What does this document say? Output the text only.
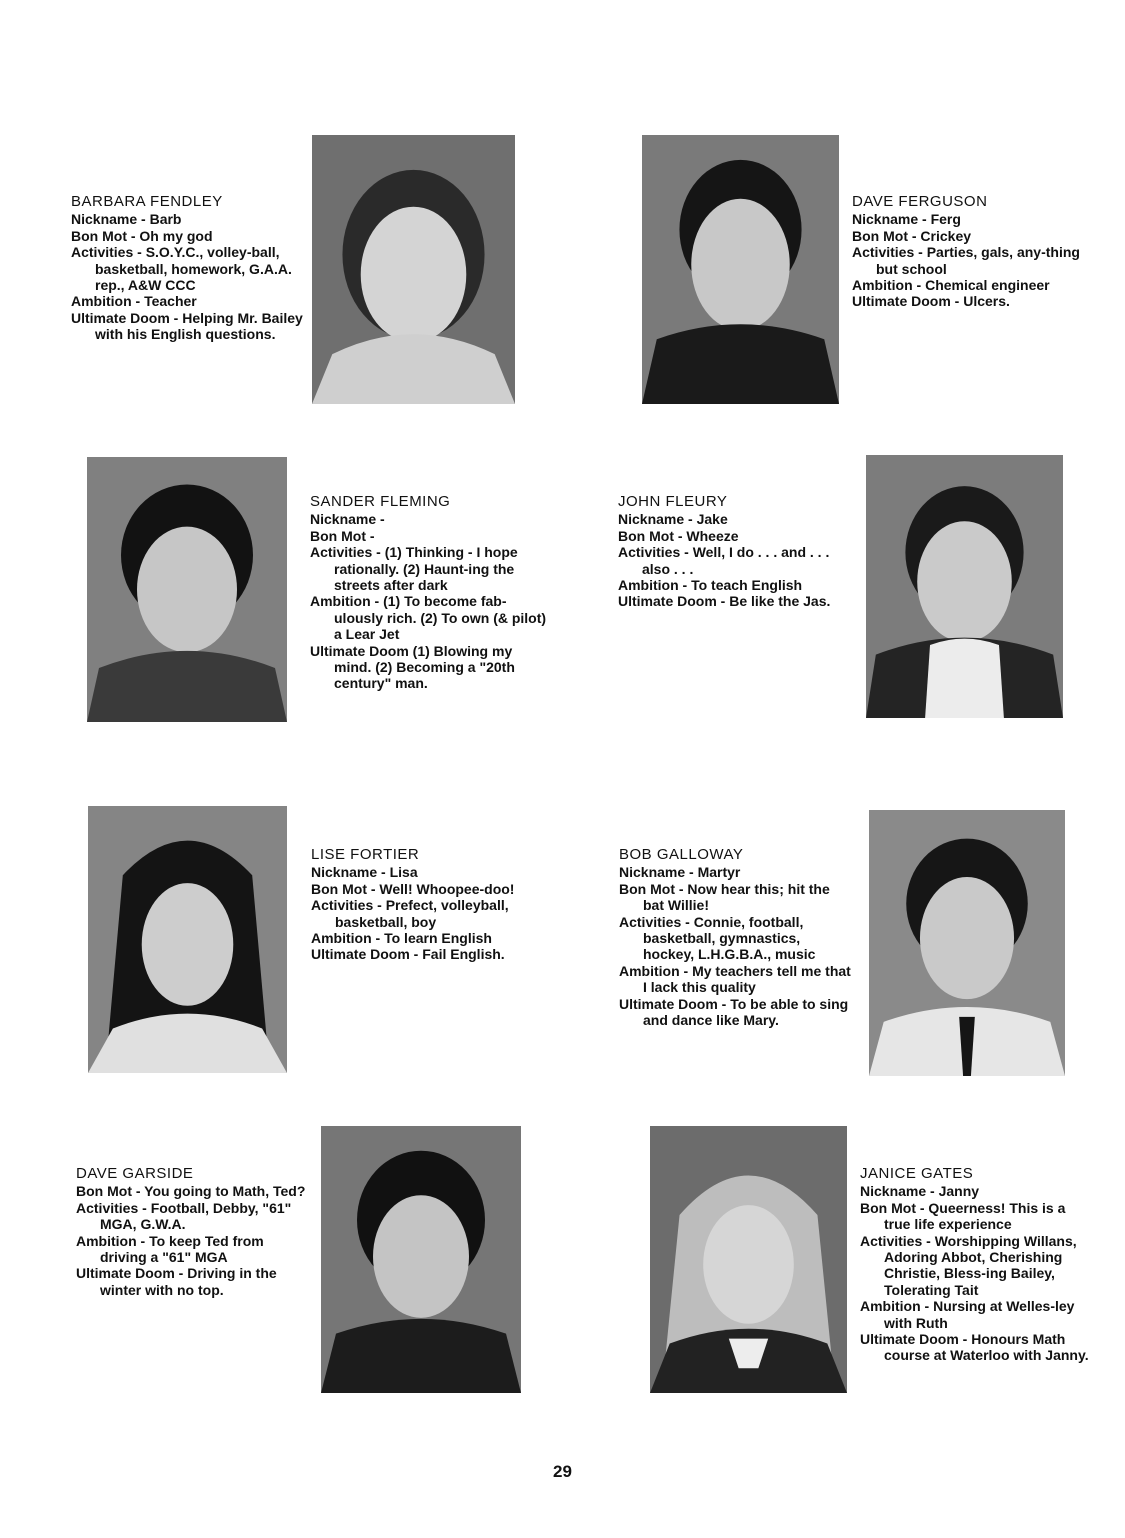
BARBARA FENDLEY
Nickname - Barb
Bon Mot - Oh my god
Activities - S.O.Y.C., volley-ball, basketball, homework, G.A.A. rep., A&W CCC
Ambition - Teacher
Ultimate Doom - Helping Mr. Bailey with his English questions.
DAVE FERGUSON
Nickname - Ferg
Bon Mot - Crickey
Activities - Parties, gals, any-thing but school
Ambition - Chemical engineer
Ultimate Doom - Ulcers.
SANDER FLEMING
Nickname -
Bon Mot -
Activities - (1) Thinking - I hope rationally. (2) Haunt-ing the streets after dark
Ambition - (1) To become fab-ulously rich. (2) To own (& pilot) a Lear Jet
Ultimate Doom (1) Blowing my mind. (2) Becoming a "20th century" man.
JOHN FLEURY
Nickname - Jake
Bon Mot - Wheeze
Activities - Well, I do . . . and . . . also . . .
Ambition - To teach English
Ultimate Doom - Be like the Jas.
LISE FORTIER
Nickname - Lisa
Bon Mot - Well! Whoopee-doo!
Activities - Prefect, volleyball, basketball, boy
Ambition - To learn English
Ultimate Doom - Fail English.
BOB GALLOWAY
Nickname - Martyr
Bon Mot - Now hear this; hit the bat Willie!
Activities - Connie, football, basketball, gymnastics, hockey, L.H.G.B.A., music
Ambition - My teachers tell me that I lack this quality
Ultimate Doom - To be able to sing and dance like Mary.
DAVE GARSIDE
Bon Mot - You going to Math, Ted?
Activities - Football, Debby, "61" MGA, G.W.A.
Ambition - To keep Ted from driving a "61" MGA
Ultimate Doom - Driving in the winter with no top.
JANICE GATES
Nickname - Janny
Bon Mot - Queerness! This is a true life experience
Activities - Worshipping Willans, Adoring Abbot, Cherishing Christie, Bless-ing Bailey, Tolerating Tait
Ambition - Nursing at Welles-ley with Ruth
Ultimate Doom - Honours Math course at Waterloo with Janny.
29
